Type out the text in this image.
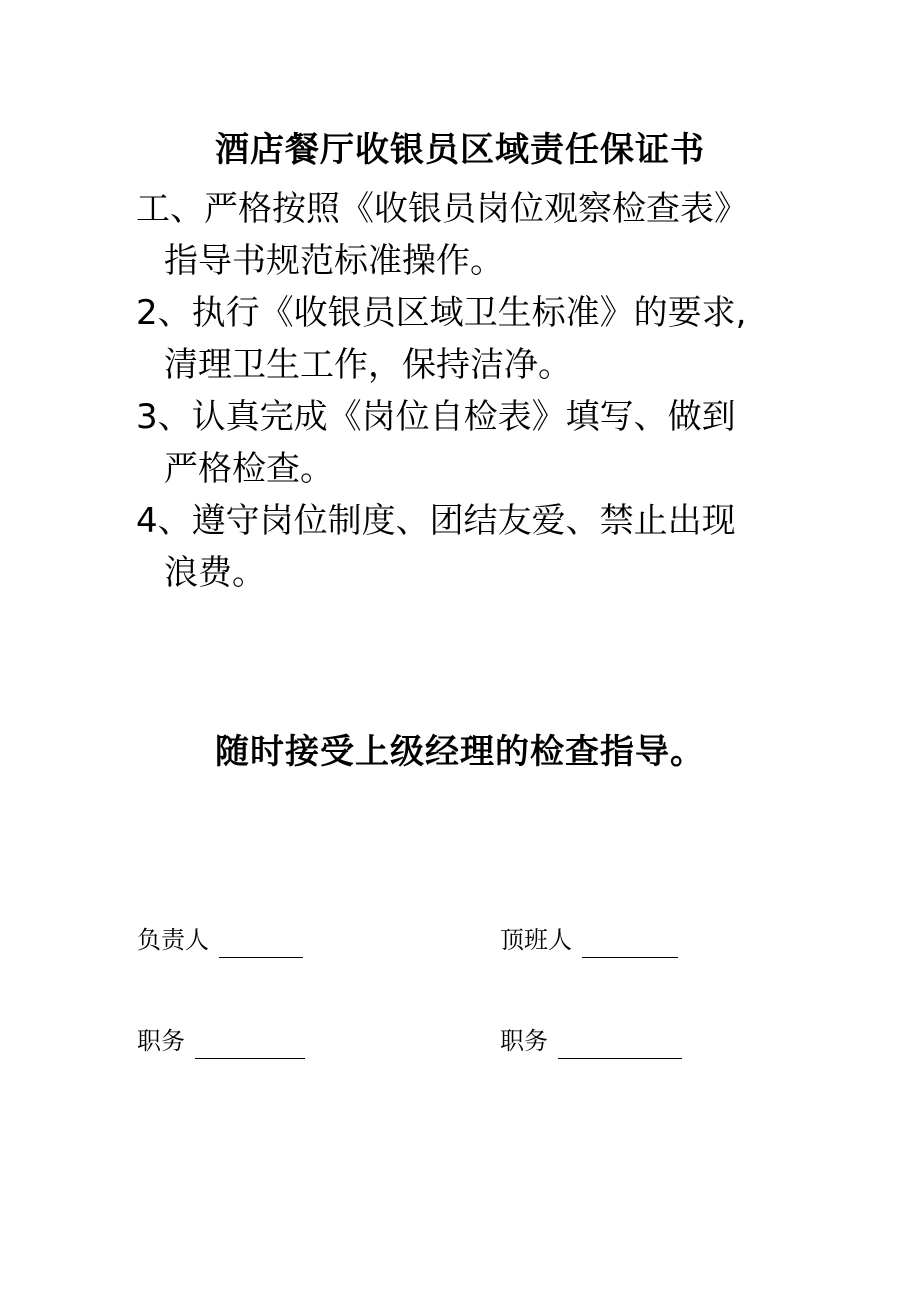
酒店餐厅收银员区域责任保证书
工、严格按照《收银员岗位观察检查表》
指导书规范标准操作。
2、执行《收银员区域卫生标准》的要求,
清理卫生工作，保持洁净。
3、认真完成《岗位自检表》填写、做到
严格检查。
4、遵守岗位制度、团结友爱、禁止出现
浪费。
随时接受上级经理的检查指导。
负责人	顶班人
职务	职务
